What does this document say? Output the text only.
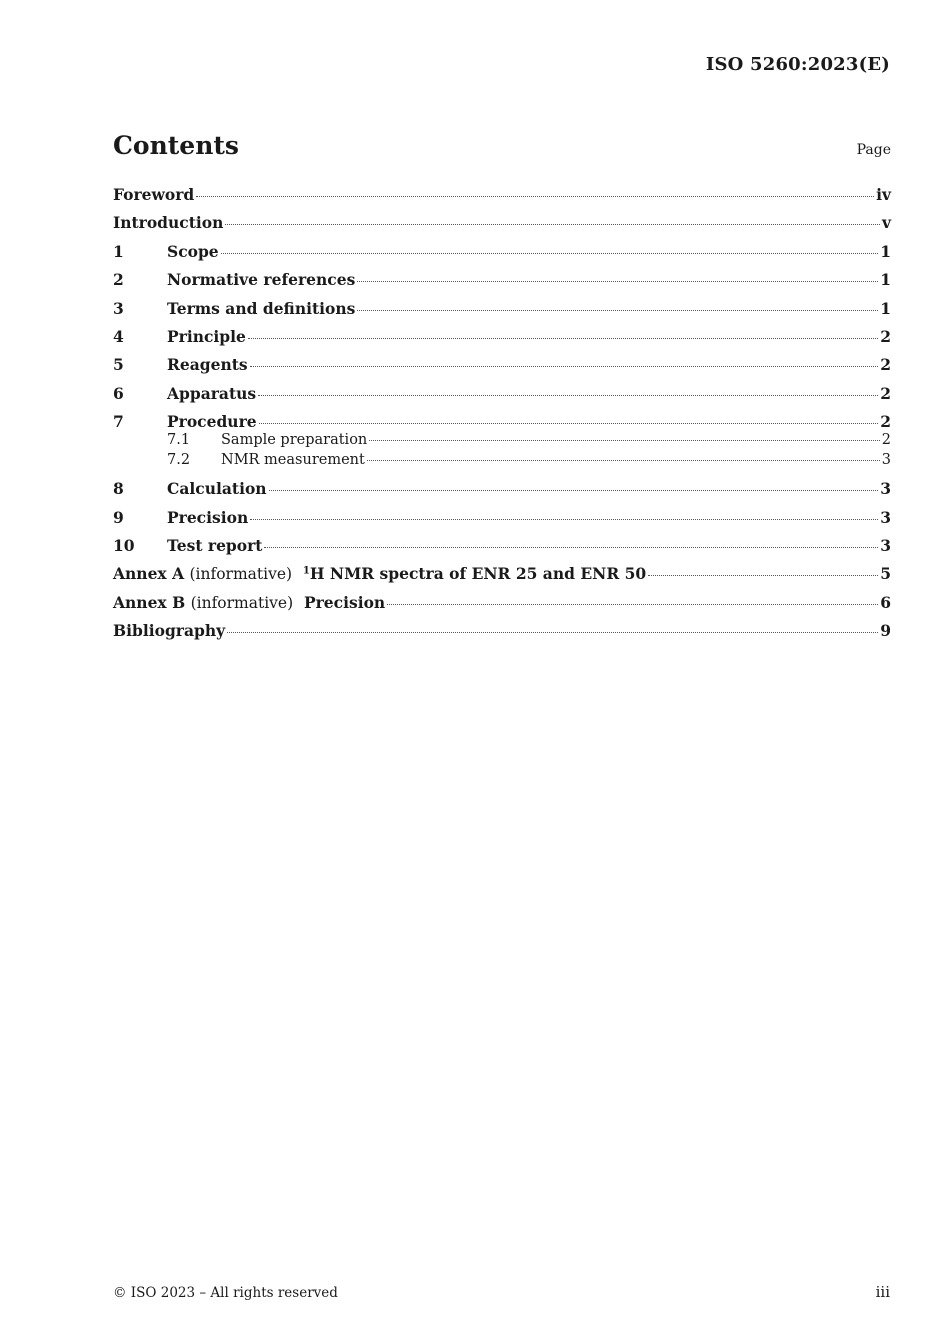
ISO 5260:2023(E)
Contents	Page
Foreword	iv
Introduction	v
1	Scope	1
2	Normative references	1
3	Terms and definitions	1
4	Principle	2
5	Reagents	2
6	Apparatus	2
7	Procedure	2
7.1	Sample preparation	2
7.2	NMR measurement	3
8	Calculation	3
9	Precision	3
10	Test report	3
Annex A (informative) $^1$H NMR spectra of ENR 25 and ENR 50	5
Annex B (informative) Precision	6
Bibliography	9
© ISO 2023 – All rights reserved	iii
